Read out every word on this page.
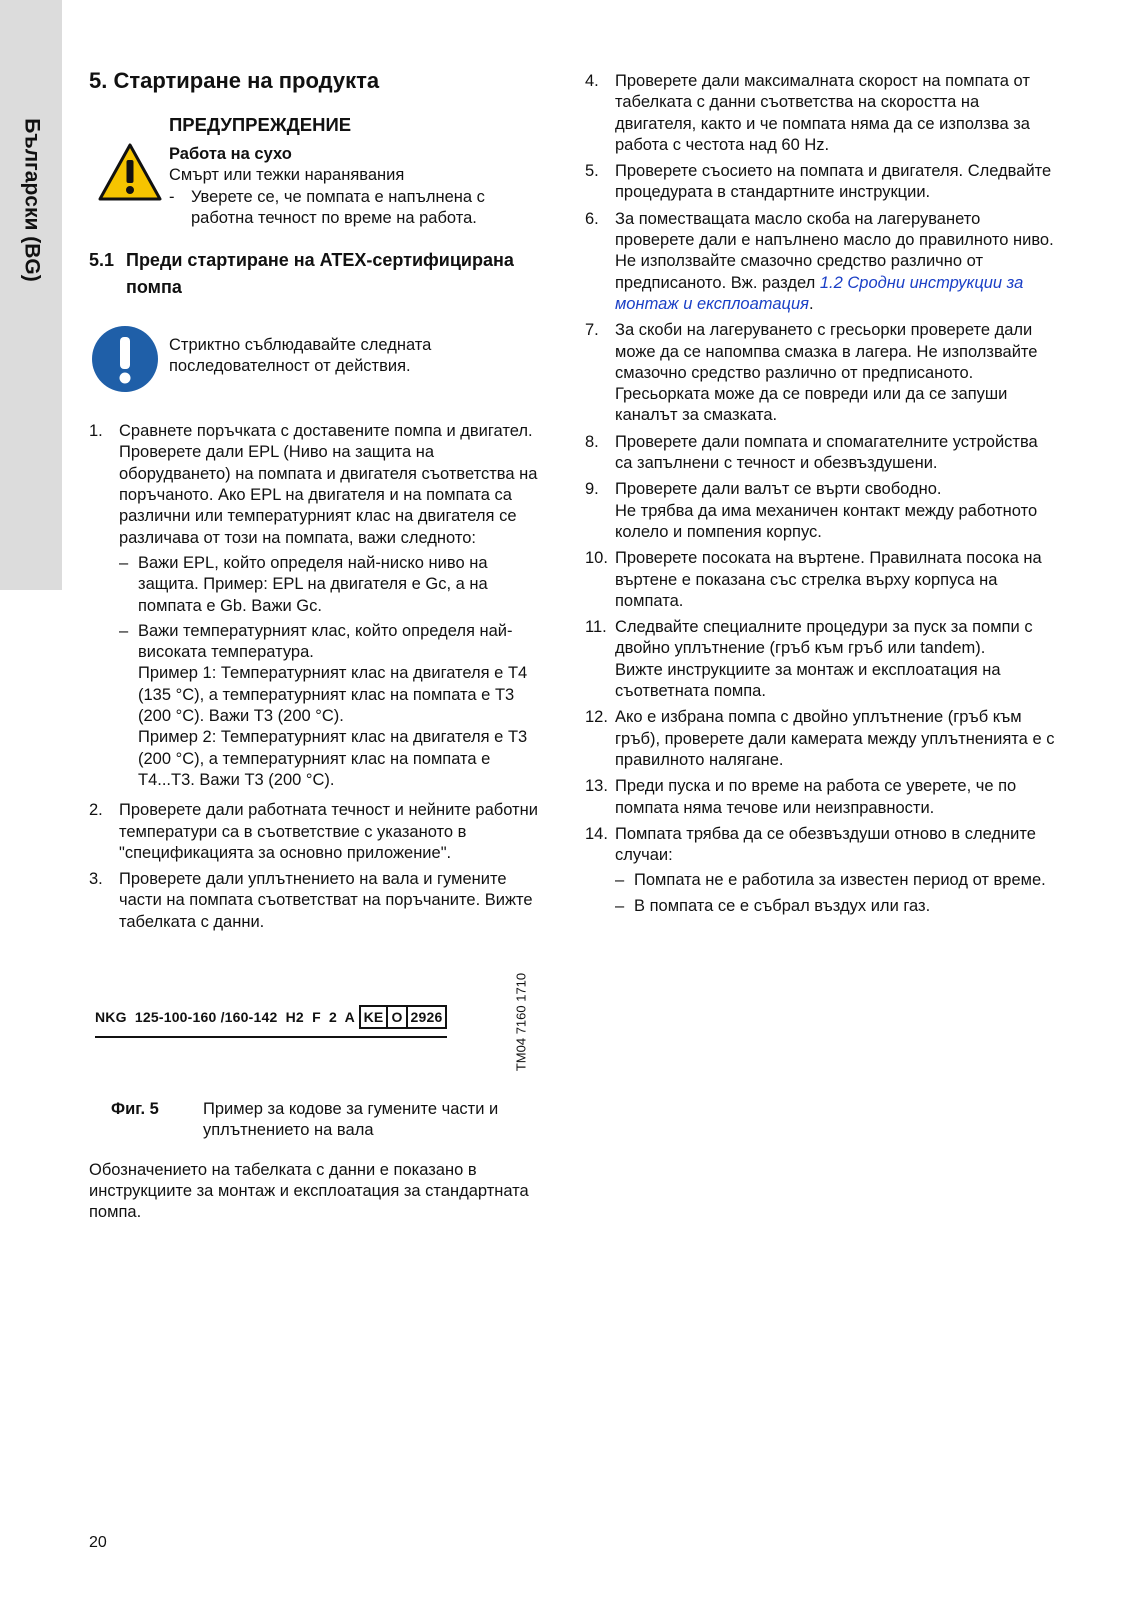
Български (BG)
5. Стартиране на продукта
ПРЕДУПРЕЖДЕНИЕ
Работа на сухо
Смърт или тежки наранявания
-	Уверете се, че помпата е напълнена с работна течност по време на работа.
5.1 Преди стартиране на ATEX-сертифицирана помпа
Стриктно съблюдавайте следната
последователност от действия.
1. Сравнете поръчката с доставените помпа и двигател. Проверете дали EPL (Ниво на защита на оборудването) на помпата и двигателя съответства на поръчаното. Ако EPL на двигателя и на помпата са различни или температурният клас на двигателя се различава от този на помпата, важи следното:
– Важи EPL, който определя най-ниско ниво на защита. Пример: EPL на двигателя е Gc, а на помпата е Gb. Важи Gc.
– Важи температурният клас, който определя най-високата температура.
Пример 1: Температурният клас на двигателя е T4 (135 °C), а температурният клас на помпата е T3 (200 °C). Важи T3 (200 °C).
Пример 2: Температурният клас на двигателя е T3 (200 °C), а температурният клас на помпата е T4...T3. Важи T3 (200 °C).
2. Проверете дали работната течност и нейните работни температури са в съответствие с указаното в "спецификацията за основно приложение".
3. Проверете дали уплътнението на вала и гумените части на помпата съответстват на поръчаните. Вижте табелката с данни.
NKG  125-100-160 /160-142  H2  F  2  A KE O 2926	TM04 7160 1710
Фиг. 5	Пример за кодове за гумените части и уплътнението на вала
Обозначението на табелката с данни е показано в инструкциите за монтаж и експлоатация за стандартната помпа.
4. Проверете дали максималната скорост на помпата от табелката с данни съответства на скоростта на двигателя, както и че помпата няма да се използва за работа с честота над 60 Hz.
5. Проверете съосието на помпата и двигателя. Следвайте процедурата в стандартните инструкции.
6. За поместващата масло скоба на лагеруването проверете дали е напълнено масло до правилното ниво. Не използвайте смазочно средство различно от предписаното. Вж. раздел 1.2 Сродни инструкции за монтаж и експлоатация.
7. За скоби на лагеруването с гресьорки проверете дали може да се напомпва смазка в лагера. Не използвайте смазочно средство различно от предписаното. Гресьорката може да се повреди или да се запуши каналът за смазката.
8. Проверете дали помпата и спомагателните устройства са запълнени с течност и обезвъздушени.
9. Проверете дали валът се върти свободно.
Не трябва да има механичен контакт между работното колело и помпения корпус.
10. Проверете посоката на въртене. Правилната посока на въртене е показана със стрелка върху корпуса на помпата.
11. Следвайте специалните процедури за пуск за помпи с двойно уплътнение (гръб към гръб или tandem).
Вижте инструкциите за монтаж и експлоатация на съответната помпа.
12. Ако е избрана помпа с двойно уплътнение (гръб към гръб), проверете дали камерата между уплътненията е с правилното налягане.
13. Преди пуска и по време на работа се уверете, че по помпата няма течове или неизправности.
14. Помпата трябва да се обезвъздуши отново в следните случаи:
– Помпата не е работила за известен период от време.
– В помпата се е събрал въздух или газ.
20
